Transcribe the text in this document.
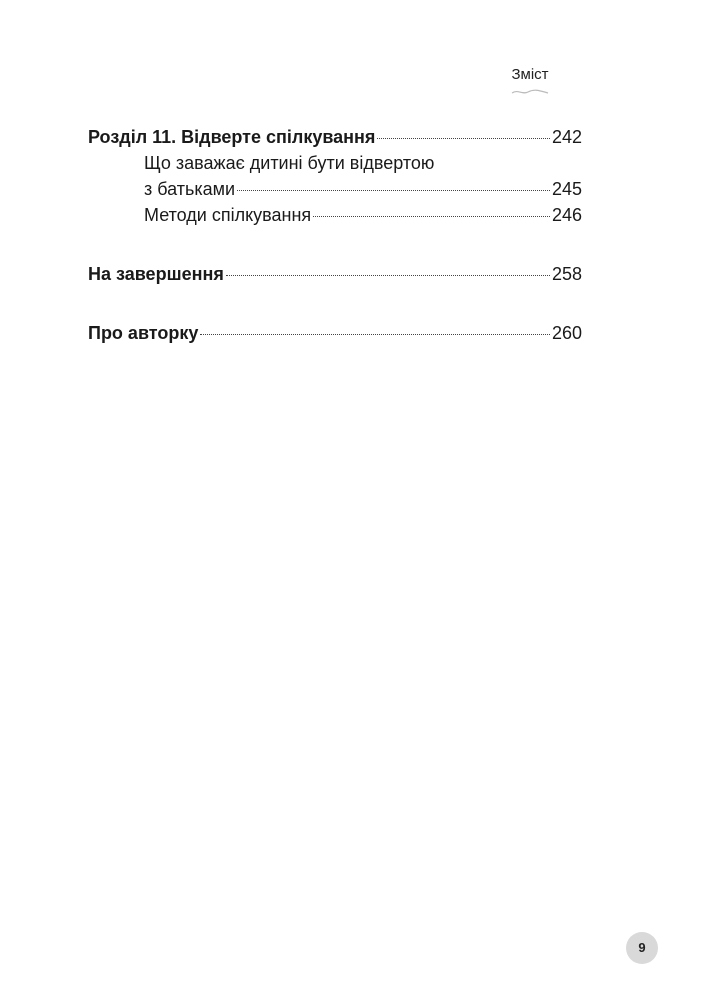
Зміст
Розділ 11. Відверте спілкування	242
Що заважає дитині бути відвертою
з батьками	245
Методи спілкування	246
На завершення	258
Про авторку	260
9
